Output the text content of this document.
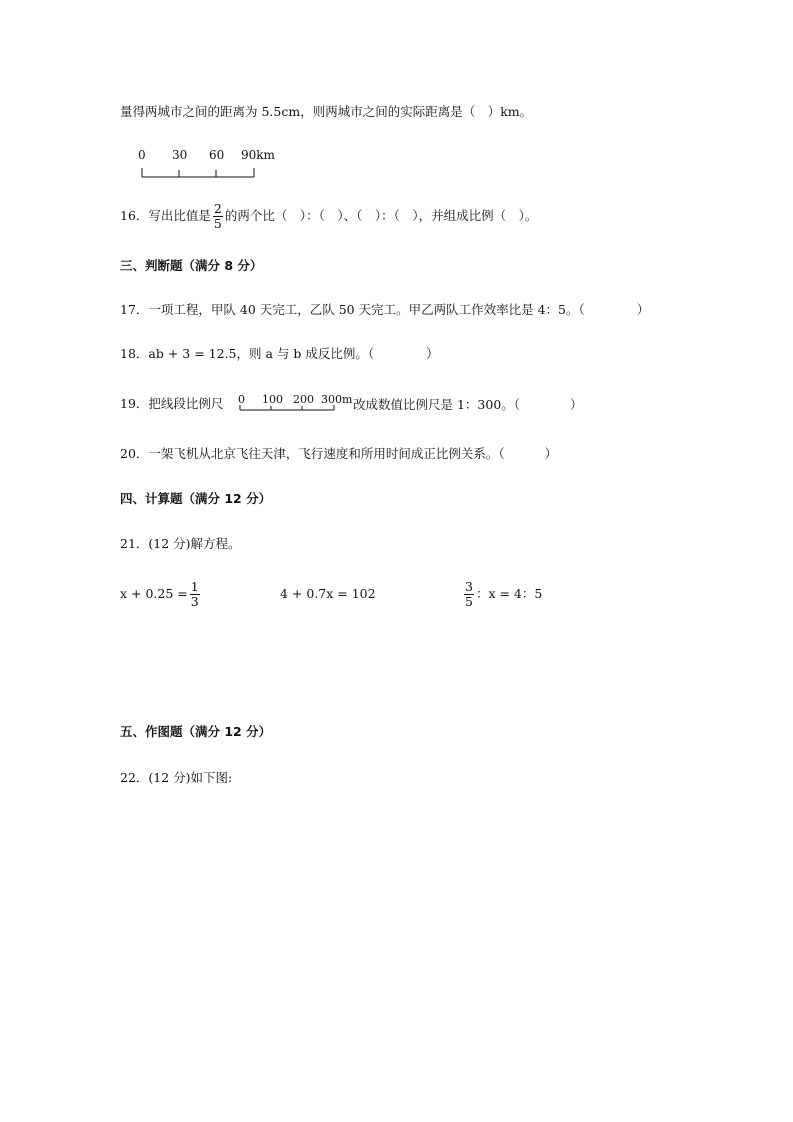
量得两城市之间的距离为 5.5cm，则两城市之间的实际距离是（　）km。
0 30 60 90km
16．写出比值是 $\frac{2}{5}$ 的两个比（　）：（　）、（　）：（　），并组成比例（　）。
三、判断题（满分 8 分）
17．一项工程，甲队 40 天完工，乙队 50 天完工。甲乙两队工作效率比是 4：5。（	）
18．ab + 3 = 12.5，则 a 与 b 成反比例。（	）
19．把线段比例尺 0 100 200 300m 改成数值比例尺是 1：300。（	）
20．一架飞机从北京飞往天津，飞行速度和所用时间成正比例关系。（	）
四、计算题（满分 12 分）
21．(12 分)解方程。
$x + 0.25 = \frac{1}{3}$	4 + 0.7x = 102	$\frac{3}{5}$ ：x = 4：5
五、作图题（满分 12 分）
22．(12 分)如下图:
